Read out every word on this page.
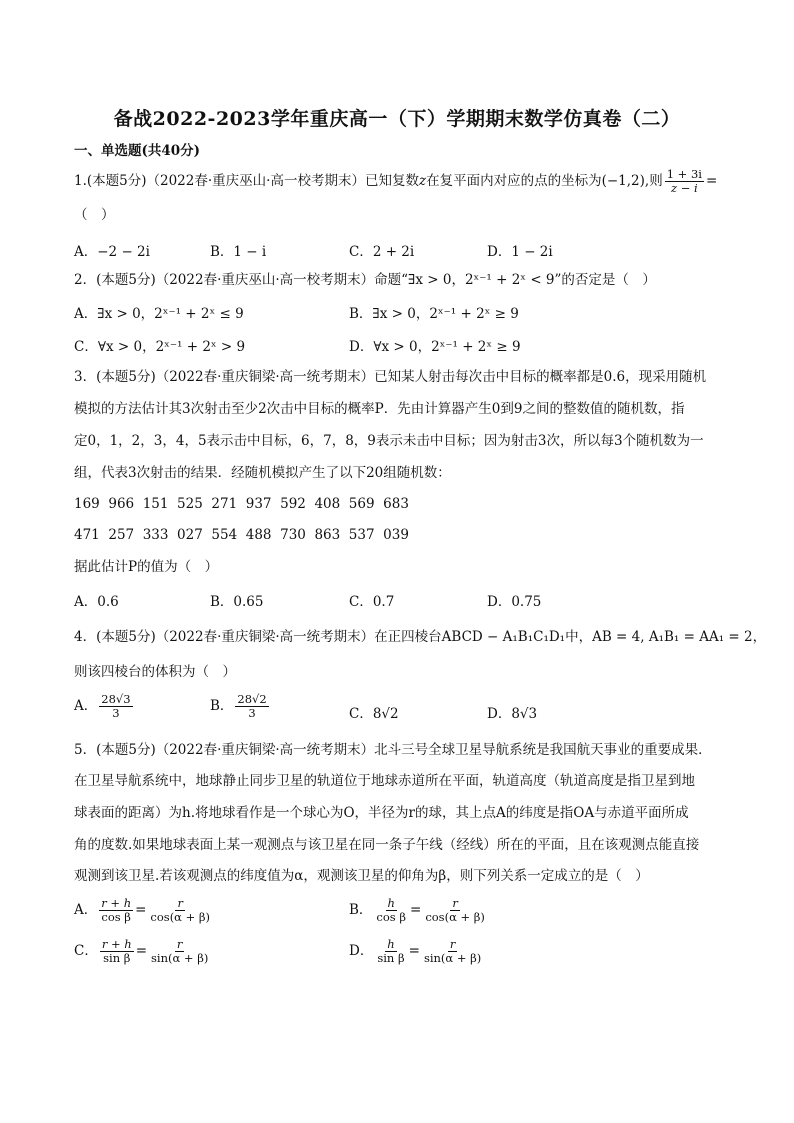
备战2022-2023学年重庆高一（下）学期期末数学仿真卷（二）
一、单选题(共40分)
1.(本题5分)（2022春·重庆巫山·高一校考期末）已知复数z在复平面内对应的点的坐标为(−1,2),则 $\frac{1 + 3i}{z - i}$ =
（　）
A．−2 − 2i	B．1 − i	C．2 + 2i	D．1 − 2i
2．(本题5分)（2022春·重庆巫山·高一校考期末）命题“∃x > 0，2ˣ⁻¹ + 2ˣ < 9”的否定是（　）
A．∃x > 0，2ˣ⁻¹ + 2ˣ ≤ 9	B．∃x > 0，2ˣ⁻¹ + 2ˣ ≥ 9
C．∀x > 0，2ˣ⁻¹ + 2ˣ > 9	D．∀x > 0，2ˣ⁻¹ + 2ˣ ≥ 9
3．(本题5分)（2022春·重庆铜梁·高一统考期末）已知某人射击每次击中目标的概率都是0.6，现采用随机
模拟的方法估计其3次射击至少2次击中目标的概率P．先由计算器产生0到9之间的整数值的随机数，指
定0，1，2，3，4，5表示击中目标，6，7，8，9表示未击中目标；因为射击3次，所以每3个随机数为一
组，代表3次射击的结果．经随机模拟产生了以下20组随机数：
169  966  151  525  271  937  592  408  569  683
471  257  333  027  554  488  730  863  537  039
据此估计P的值为（　）
A．0.6	B．0.65	C．0.7	D．0.75
4．(本题5分)（2022春·重庆铜梁·高一统考期末）在正四棱台ABCD − A₁B₁C₁D₁中，AB = 4, A₁B₁ = AA₁ = 2，
则该四棱台的体积为（　）
A． $\frac{28√3}{3}$	B． $\frac{28√2}{3}$	C．8√2	D．8√3
5．(本题5分)（2022春·重庆铜梁·高一统考期末）北斗三号全球卫星导航系统是我国航天事业的重要成果．
在卫星导航系统中，地球静止同步卫星的轨道位于地球赤道所在平面，轨道高度（轨道高度是指卫星到地
球表面的距离）为h.将地球看作是一个球心为O，半径为r的球，其上点A的纬度是指OA与赤道平面所成
角的度数.如果地球表面上某一观测点与该卫星在同一条子午线（经线）所在的平面，且在该观测点能直接
观测到该卫星.若该观测点的纬度值为α，观测该卫星的仰角为β，则下列关系一定成立的是（　）
A． $\frac{r + h}{\text{cos β}} = \frac{r}{\cos(\alpha + \beta)}$	B． $\frac{h}{\text{cos β}} = \frac{r}{\cos(\alpha + \beta)}$
C． $\frac{r + h}{\text{sin β}} = \frac{r}{\sin(\alpha + \beta)}$	D． $\frac{h}{\text{sin β}} = \frac{r}{\sin(\alpha + \beta)}$
